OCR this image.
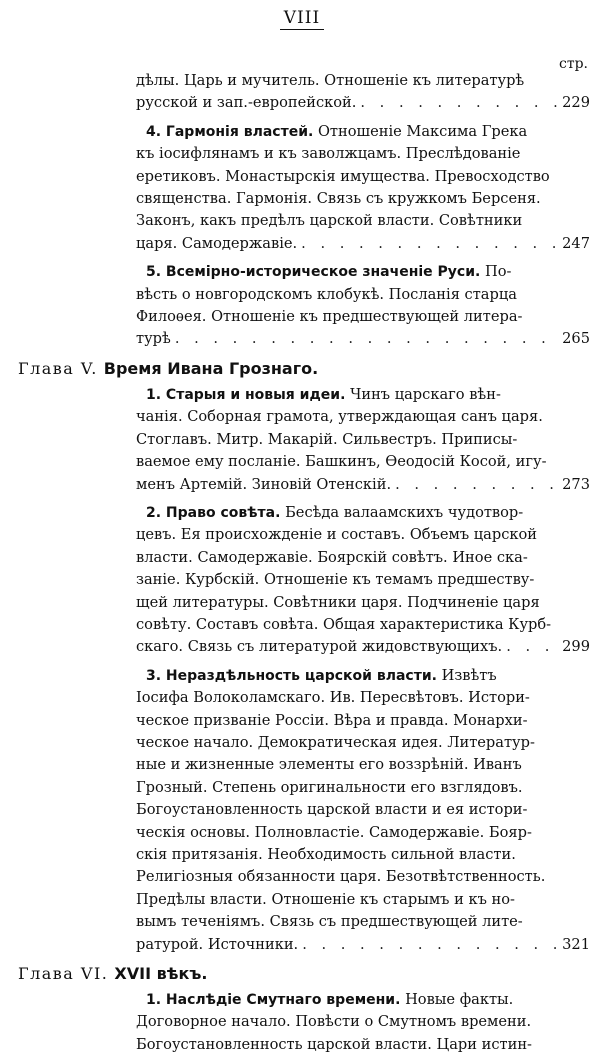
VIII
стр.

дѣлы. Царь и мучитель. Отношеніе къ литературѣ

русской и зап.-европейской. . . .	229

4. Гармонія властей. Отношеніе Максима Грека

къ іосифлянамъ и къ заволжцамъ. Преслѣдованіе

еретиковъ. Монастырскія имущества. Превосходство

священства. Гармонія. Связь съ кружкомъ Берсеня.

Законъ, какъ предѣлъ царской власти. Совѣтники

царя. Самодержавіе. . . .	247

5. Всемірно-историческое значеніе Руси. По-

вѣсть о новгородскомъ клобукѣ. Посланія старца

Филоѳея. Отношеніе къ предшествующей литера-

турѣ . . .	265
Глава V. Время Ивана Грознаго.

1. Старыя и новыя идеи. Чинъ царскаго вѣн-

чанія. Соборная грамота, утверждающая санъ царя.

Стоглавъ. Митр. Макарій. Сильвестръ. Приписы-

ваемое ему посланіе. Башкинъ, Ѳеодосій Косой, игу-

менъ Артемій. Зиновій Отенскій. . . .	273

2. Право совѣта. Бесѣда валаамскихъ чудотвор-

цевъ. Ея происхожденіе и составъ. Объемъ царской

власти. Самодержавіе. Боярскій совѣтъ. Иное ска-

заніе. Курбскій. Отношеніе къ темамъ предшеству-

щей литературы. Совѣтники царя. Подчиненіе царя

совѣту. Составъ совѣта. Общая характеристика Курб-

скаго. Связь съ литературой жидовствующихъ. . . .	299

3. Нераздѣльность царской власти. Извѣтъ

Іосифа Волоколамскаго. Ив. Пересвѣтовъ. Истори-

ческое призваніе Россіи. Вѣра и правда. Монархи-

ческое начало. Демократическая идея. Литератур-

ные и жизненные элементы его воззрѣній. Иванъ

Грозный. Степень оригинальности его взглядовъ.

Богоустановленность царской власти и ея истори-

ческія основы. Полновластіе. Самодержавіе. Бояр-

скія притязанія. Необходимость сильной власти.

Религіозныя обязанности царя. Безотвѣтственность.

Предѣлы власти. Отношеніе къ старымъ и къ но-

вымъ теченіямъ. Связь съ предшествующей лите-

ратурой. Источники. . . .	321
Глава VI. XVII вѣкъ.

1. Наслѣдіе Смутнаго времени. Новые факты.

Договорное начало. Повѣсти о Смутномъ времени.

Богоустановленность царской власти. Цари истин-
